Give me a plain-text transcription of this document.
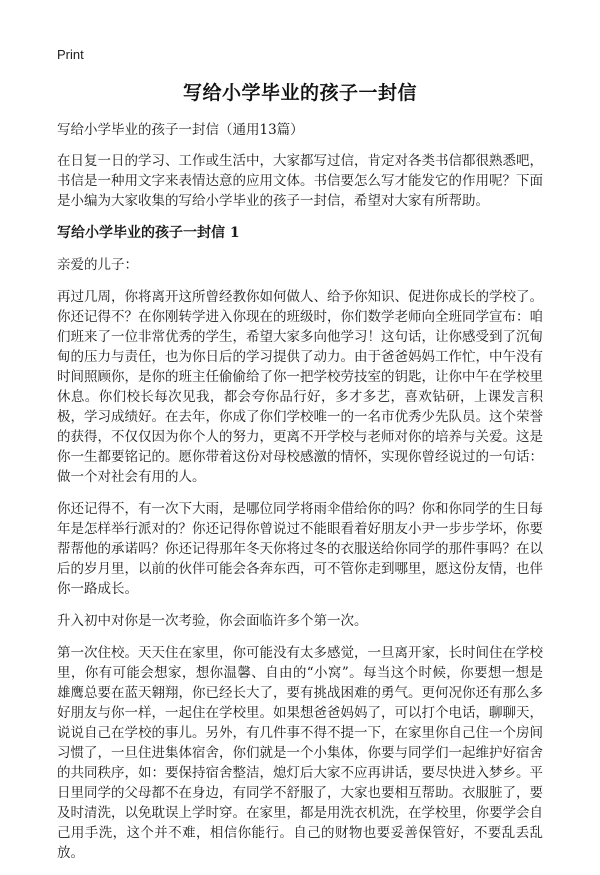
Print
写给小学毕业的孩子一封信

写给小学毕业的孩子一封信（通用13篇）

在日复一日的学习、工作或生活中，大家都写过信，肯定对各类书信都很熟悉吧，书信是一种用文字来表情达意的应用文体。书信要怎么写才能发它的作用呢？下面是小编为大家收集的写给小学毕业的孩子一封信，希望对大家有所帮助。

写给小学毕业的孩子一封信 1

亲爱的儿子：

再过几周，你将离开这所曾经教你如何做人、给予你知识、促进你成长的学校了。你还记得不？在你刚转学进入你现在的班级时，你们数学老师向全班同学宣布：咱们班来了一位非常优秀的学生，希望大家多向他学习！这句话，让你感受到了沉甸甸的压力与责任，也为你日后的学习提供了动力。由于爸爸妈妈工作忙，中午没有时间照顾你，是你的班主任偷偷给了你一把学校劳技室的钥匙，让你中午在学校里休息。你们校长每次见我，都会夸你品行好，多才多艺，喜欢钻研，上课发言积极，学习成绩好。在去年，你成了你们学校唯一的一名市优秀少先队员。这个荣誉的获得，不仅仅因为你个人的努力，更离不开学校与老师对你的培养与关爱。这是你一生都要铭记的。愿你带着这份对母校感激的情怀，实现你曾经说过的一句话：做一个对社会有用的人。

你还记得不，有一次下大雨，是哪位同学将雨伞借给你的吗？你和你同学的生日每年是怎样举行派对的？你还记得你曾说过不能眼看着好朋友小尹一步步学坏，你要帮帮他的承诺吗？你还记得那年冬天你将过冬的衣服送给你同学的那件事吗？在以后的岁月里，以前的伙伴可能会各奔东西，可不管你走到哪里，愿这份友情，也伴你一路成长。

升入初中对你是一次考验，你会面临许多个第一次。

第一次住校。天天住在家里，你可能没有太多感觉，一旦离开家，长时间住在学校里，你有可能会想家，想你温馨、自由的“小窝”。每当这个时候，你要想一想是雄鹰总要在蓝天翱翔，你已经长大了，要有挑战困难的勇气。更何况你还有那么多好朋友与你一样，一起住在学校里。如果想爸爸妈妈了，可以打个电话，聊聊天，说说自己在学校的事儿。另外，有几件事不得不提一下，在家里你自己住一个房间习惯了，一旦住进集体宿舍，你们就是一个小集体，你要与同学们一起维护好宿舍的共同秩序，如：要保持宿舍整洁，熄灯后大家不应再讲话，要尽快进入梦乡。平日里同学的父母都不在身边，有同学不舒服了，大家也要相互帮助。衣服脏了，要及时清洗，以免耽误上学时穿。在家里，都是用洗衣机洗，在学校里，你要学会自己用手洗，这个并不难，相信你能行。自己的财物也要妥善保管好，不要乱丢乱放。
